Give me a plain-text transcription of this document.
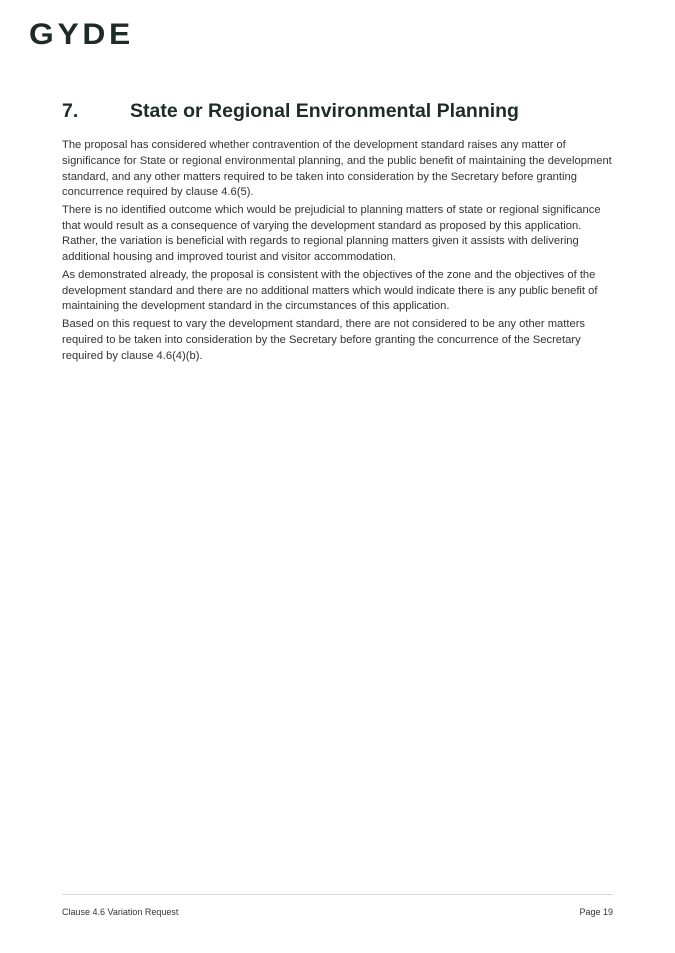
GYDE
7.	State or Regional Environmental Planning

The proposal has considered whether contravention of the development standard raises any matter of significance for State or regional environmental planning, and the public benefit of maintaining the development standard, and any other matters required to be taken into consideration by the Secretary before granting concurrence required by clause 4.6(5).

There is no identified outcome which would be prejudicial to planning matters of state or regional significance that would result as a consequence of varying the development standard as proposed by this application. Rather, the variation is beneficial with regards to regional planning matters given it assists with delivering additional housing and improved tourist and visitor accommodation.

As demonstrated already, the proposal is consistent with the objectives of the zone and the objectives of the development standard and there are no additional matters which would indicate there is any public benefit of maintaining the development standard in the circumstances of this application.

Based on this request to vary the development standard, there are not considered to be any other matters required to be taken into consideration by the Secretary before granting the concurrence of the Secretary required by clause 4.6(4)(b).

Clause 4.6 Variation Request	Page 19
